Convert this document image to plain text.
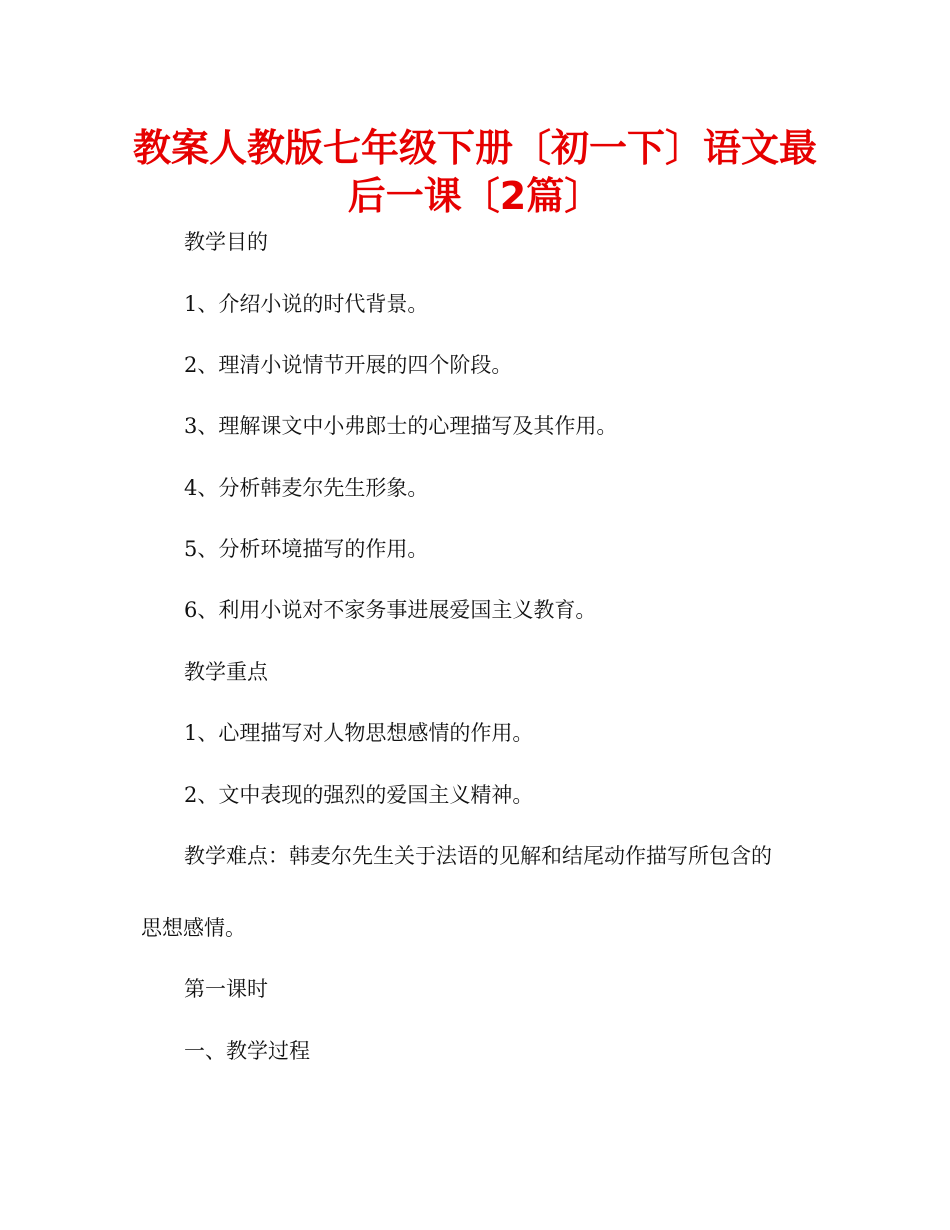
教案人教版七年级下册〔初一下〕语文最
后一课〔2篇〕

教学目的

1、介绍小说的时代背景。

2、理清小说情节开展的四个阶段。

3、理解课文中小弗郎士的心理描写及其作用。

4、分析韩麦尔先生形象。

5、分析环境描写的作用。

6、利用小说对不家务事进展爱国主义教育。

教学重点

1、心理描写对人物思想感情的作用。

2、文中表现的强烈的爱国主义精神。

教学难点：韩麦尔先生关于法语的见解和结尾动作描写所包含的

思想感情。

第一课时

一、教学过程
